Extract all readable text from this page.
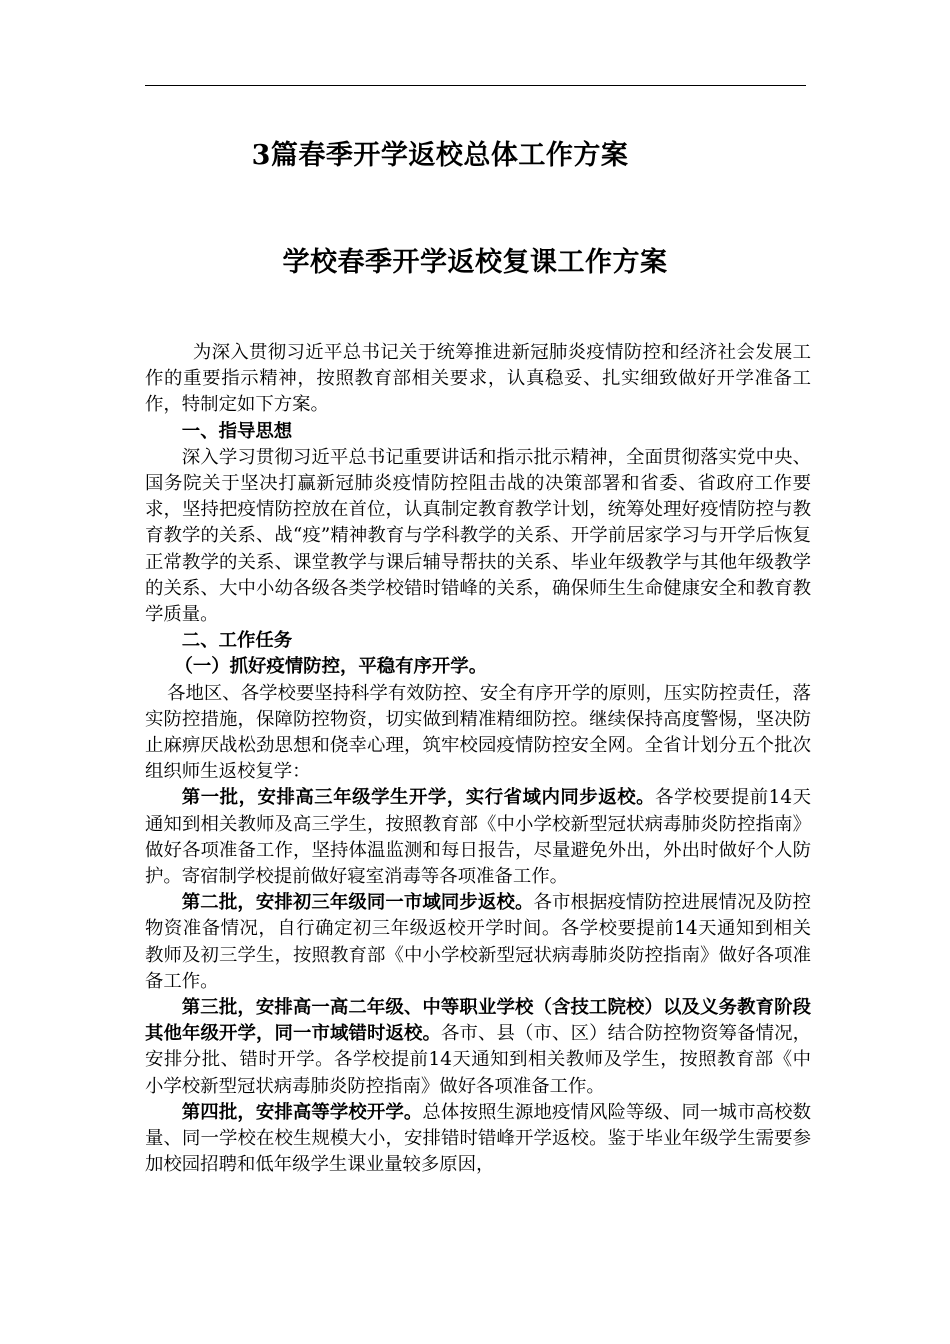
3篇春季开学返校总体工作方案
学校春季开学返校复课工作方案

为深入贯彻习近平总书记关于统筹推进新冠肺炎疫情防控和经济社会发展工作的重要指示精神，按照教育部相关要求，认真稳妥、扎实细致做好开学准备工作，特制定如下方案。

一、指导思想

深入学习贯彻习近平总书记重要讲话和指示批示精神，全面贯彻落实党中央、国务院关于坚决打赢新冠肺炎疫情防控阻击战的决策部署和省委、省政府工作要求，坚持把疫情防控放在首位，认真制定教育教学计划，统筹处理好疫情防控与教育教学的关系、战“疫”精神教育与学科教学的关系、开学前居家学习与开学后恢复正常教学的关系、课堂教学与课后辅导帮扶的关系、毕业年级教学与其他年级教学的关系、大中小幼各级各类学校错时错峰的关系，确保师生生命健康安全和教育教学质量。

二、工作任务

（一）抓好疫情防控，平稳有序开学。

各地区、各学校要坚持科学有效防控、安全有序开学的原则，压实防控责任，落实防控措施，保障防控物资，切实做到精准精细防控。继续保持高度警惕，坚决防止麻痹厌战松劲思想和侥幸心理，筑牢校园疫情防控安全网。全省计划分五个批次组织师生返校复学：

第一批，安排高三年级学生开学，实行省域内同步返校。各学校要提前14天通知到相关教师及高三学生，按照教育部《中小学校新型冠状病毒肺炎防控指南》做好各项准备工作，坚持体温监测和每日报告，尽量避免外出，外出时做好个人防护。寄宿制学校提前做好寝室消毒等各项准备工作。

第二批，安排初三年级同一市域同步返校。各市根据疫情防控进展情况及防控物资准备情况，自行确定初三年级返校开学时间。各学校要提前14天通知到相关教师及初三学生，按照教育部《中小学校新型冠状病毒肺炎防控指南》做好各项准备工作。

第三批，安排高一高二年级、中等职业学校（含技工院校）以及义务教育阶段其他年级开学，同一市域错时返校。各市、县（市、区）结合防控物资筹备情况，安排分批、错时开学。各学校提前14天通知到相关教师及学生，按照教育部《中小学校新型冠状病毒肺炎防控指南》做好各项准备工作。

第四批，安排高等学校开学。总体按照生源地疫情风险等级、同一城市高校数量、同一学校在校生规模大小，安排错时错峰开学返校。鉴于毕业年级学生需要参加校园招聘和低年级学生课业量较多原因，
